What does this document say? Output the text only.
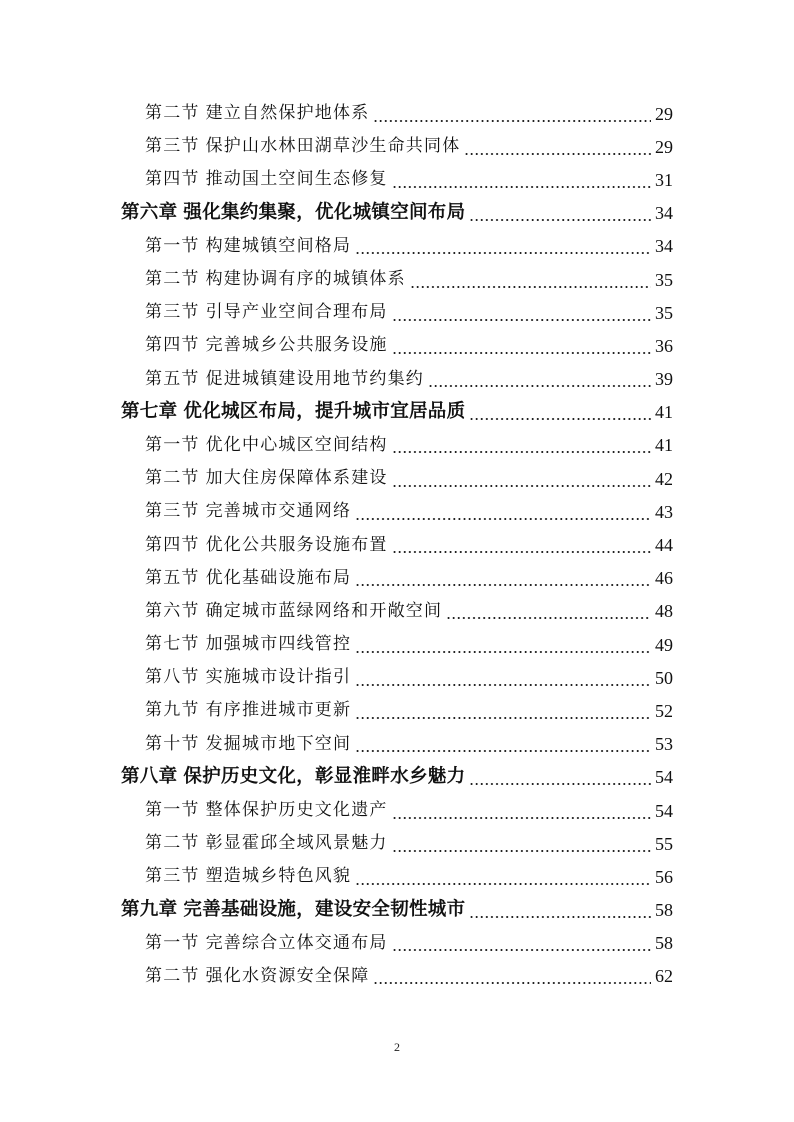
第二节 建立自然保护地体系	29
第三节 保护山水林田湖草沙生命共同体	29
第四节 推动国土空间生态修复	31
第六章 强化集约集聚，优化城镇空间布局	34
第一节 构建城镇空间格局	34
第二节 构建协调有序的城镇体系	35
第三节 引导产业空间合理布局	35
第四节 完善城乡公共服务设施	36
第五节 促进城镇建设用地节约集约	39
第七章 优化城区布局，提升城市宜居品质	41
第一节 优化中心城区空间结构	41
第二节 加大住房保障体系建设	42
第三节 完善城市交通网络	43
第四节 优化公共服务设施布置	44
第五节 优化基础设施布局	46
第六节 确定城市蓝绿网络和开敞空间	48
第七节 加强城市四线管控	49
第八节 实施城市设计指引	50
第九节 有序推进城市更新	52
第十节 发掘城市地下空间	53
第八章 保护历史文化，彰显淮畔水乡魅力	54
第一节 整体保护历史文化遗产	54
第二节 彰显霍邱全域风景魅力	55
第三节 塑造城乡特色风貌	56
第九章 完善基础设施，建设安全韧性城市	58
第一节 完善综合立体交通布局	58
第二节 强化水资源安全保障	62
2
